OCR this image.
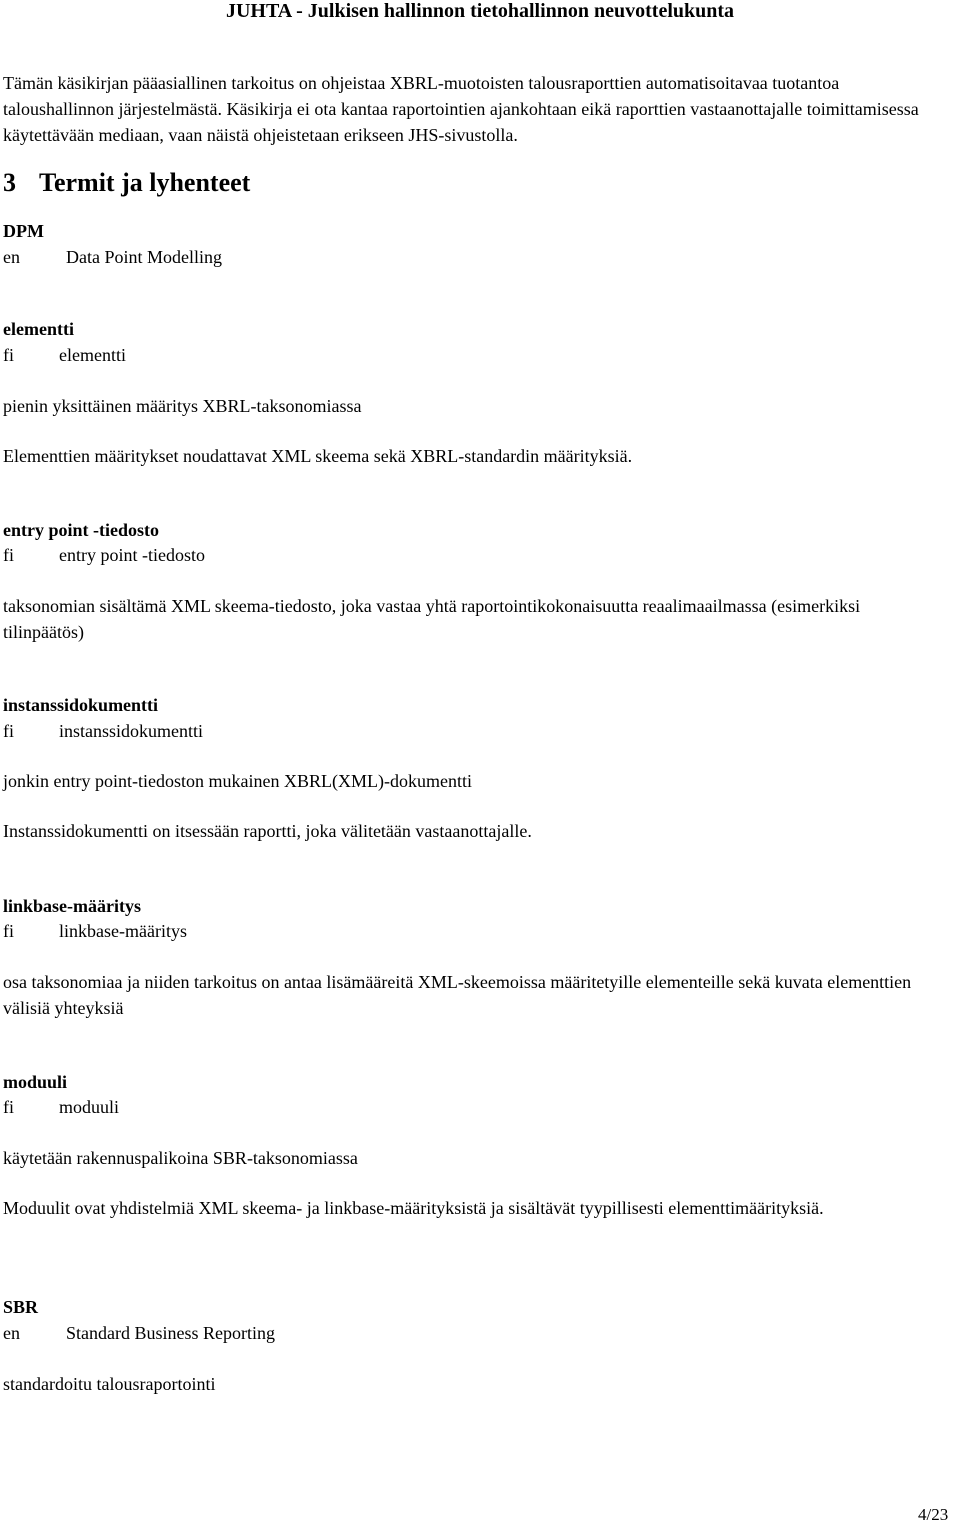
JUHTA - Julkisen hallinnon tietohallinnon neuvottelukunta

Tämän käsikirjan pääasiallinen tarkoitus on ohjeistaa XBRL-muotoisten talousraporttien automatisoitavaa tuotantoa taloushallinnon järjestelmästä. Käsikirja ei ota kantaa raportointien ajankohtaan eikä raporttien vastaanottajalle toimittamisessa käytettävään mediaan, vaan näistä ohjeistetaan erikseen JHS-sivustolla.

3 Termit ja lyhenteet
DPM
en	Data Point Modelling
elementti
fi	elementti

pienin yksittäinen määritys XBRL-taksonomiassa

Elementtien määritykset noudattavat XML skeema sekä XBRL-standardin määrityksiä.

entry point -tiedosto
fi	entry point -tiedosto

taksonomian sisältämä XML skeema-tiedosto, joka vastaa yhtä raportointikokonaisuutta reaalimaailmassa (esimerkiksi tilinpäätös)

instanssidokumentti
fi	instanssidokumentti

jonkin entry point-tiedoston mukainen XBRL(XML)-dokumentti

Instanssidokumentti on itsessään raportti, joka välitetään vastaanottajalle.

linkbase-määritys
fi	linkbase-määritys

osa taksonomiaa ja niiden tarkoitus on antaa lisämääreitä XML-skeemoissa määritetyille elementeille sekä kuvata elementtien välisiä yhteyksiä

moduuli
fi	moduuli

käytetään rakennuspalikoina SBR-taksonomiassa

Moduulit ovat yhdistelmiä XML skeema- ja linkbase-määrityksistä ja sisältävät tyypillisesti elementtimäärityksiä.

SBR
en	Standard Business Reporting

standardoitu talousraportointi

4/23
